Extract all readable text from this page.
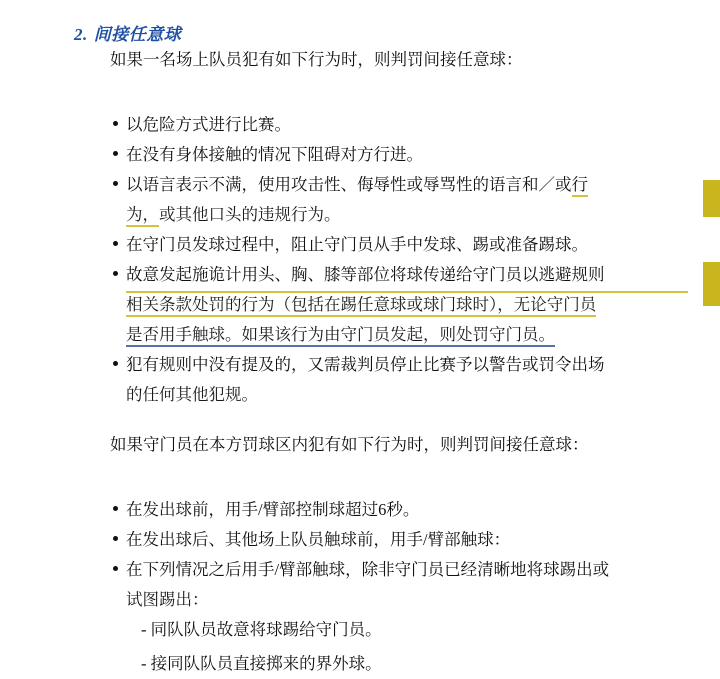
2. 间接任意球
如果一名场上队员犯有如下行为时，则判罚间接任意球：
以危险方式进行比赛。
在没有身体接触的情况下阻碍对方行进。
以语言表示不满，使用攻击性、侮辱性或辱骂性的语言和／或行
为，或其他口头的违规行为。
在守门员发球过程中，阻止守门员从手中发球、踢或准备踢球。
故意发起施诡计用头、胸、膝等部位将球传递给守门员以逃避规则
相关条款处罚的行为（包括在踢任意球或球门球时），无论守门员
是否用手触球。如果该行为由守门员发起，则处罚守门员。
犯有规则中没有提及的，又需裁判员停止比赛予以警告或罚令出场
的任何其他犯规。
如果守门员在本方罚球区内犯有如下行为时，则判罚间接任意球：
在发出球前，用手/臂部控制球超过6秒。
在发出球后、其他场上队员触球前，用手/臂部触球：
在下列情况之后用手/臂部触球，除非守门员已经清晰地将球踢出或
试图踢出：
- 同队队员故意将球踢给守门员。
- 接同队队员直接掷来的界外球。
